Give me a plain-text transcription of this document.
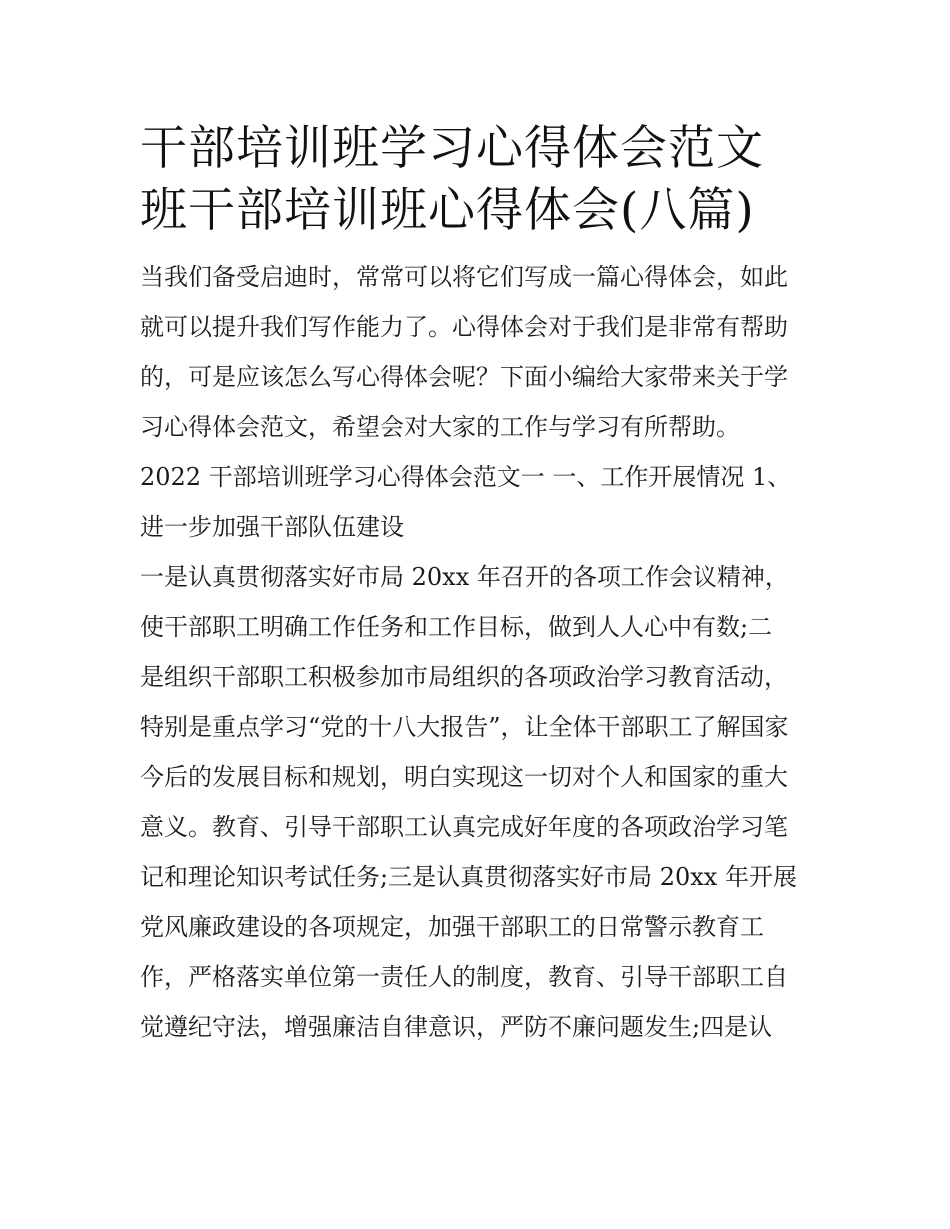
干部培训班学习心得体会范文
班干部培训班心得体会(八篇)

当我们备受启迪时，常常可以将它们写成一篇心得体会，如此
就可以提升我们写作能力了。心得体会对于我们是非常有帮助
的，可是应该怎么写心得体会呢？下面小编给大家带来关于学
习心得体会范文，希望会对大家的工作与学习有所帮助。

2022 干部培训班学习心得体会范文一 一、工作开展情况 1、
进一步加强干部队伍建设

一是认真贯彻落实好市局 20xx 年召开的各项工作会议精神，
使干部职工明确工作任务和工作目标，做到人人心中有数;二
是组织干部职工积极参加市局组织的各项政治学习教育活动，
特别是重点学习“党的十八大报告”，让全体干部职工了解国家
今后的发展目标和规划，明白实现这一切对个人和国家的重大
意义。教育、引导干部职工认真完成好年度的各项政治学习笔
记和理论知识考试任务;三是认真贯彻落实好市局 20xx 年开展
党风廉政建设的各项规定，加强干部职工的日常警示教育工
作，严格落实单位第一责任人的制度，教育、引导干部职工自
觉遵纪守法，增强廉洁自律意识，严防不廉问题发生;四是认
